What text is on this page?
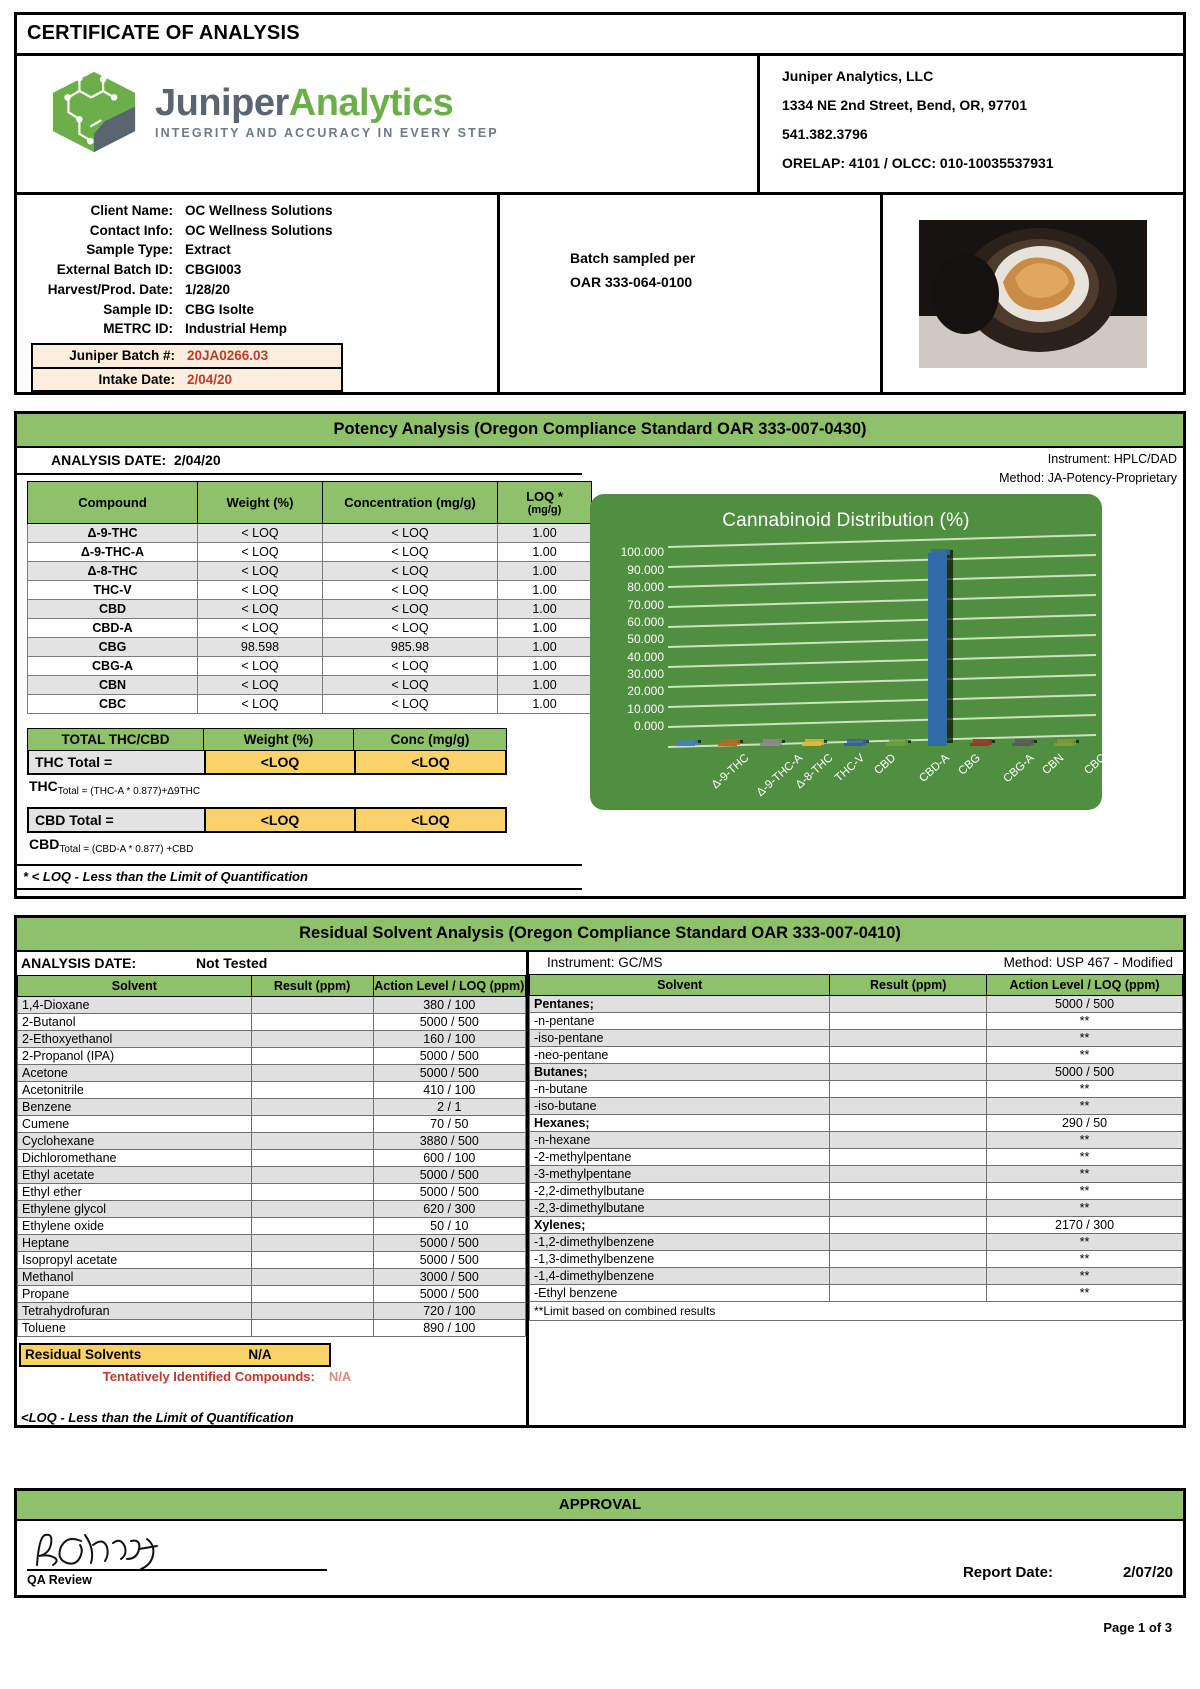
CERTIFICATE OF ANALYSIS
JuniperAnalytics
INTEGRITY AND ACCURACY IN EVERY STEP
Juniper Analytics, LLC
1334 NE 2nd Street, Bend, OR, 97701
541.382.3796
ORELAP: 4101 / OLCC: 010-10035537931
Client Name: OC Wellness Solutions
Contact Info: OC Wellness Solutions
Sample Type: Extract
External Batch ID: CBGI003
Harvest/Prod. Date: 1/28/20
Sample ID: CBG Isolte
METRC ID: Industrial Hemp
Juniper Batch #: 20JA0266.03
Intake Date: 2/04/20
Batch sampled per
OAR 333-064-0100
Potency Analysis (Oregon Compliance Standard OAR 333-007-0430)
ANALYSIS DATE: 2/04/20
Compound	Weight (%)	Concentration (mg/g)	LOQ *
(mg/g)

Δ-9-THC	< LOQ	< LOQ	1.00
Δ-9-THC-A	< LOQ	< LOQ	1.00
Δ-8-THC	< LOQ	< LOQ	1.00
THC-V	< LOQ	< LOQ	1.00
CBD	< LOQ	< LOQ	1.00
CBD-A	< LOQ	< LOQ	1.00
CBG	98.598	985.98	1.00
CBG-A	< LOQ	< LOQ	1.00
CBN	< LOQ	< LOQ	1.00
CBC	< LOQ	< LOQ	1.00
TOTAL THC/CBD	Weight (%)	Conc (mg/g)
THC Total =	<LOQ	<LOQ
$THC_{Total = (THC-A * 0.877)+\Delta 9THC}$
CBD Total =	<LOQ	<LOQ
$CBD_{Total = (CBD-A * 0.877) +CBD}$
* < LOQ - Less than the Limit of Quantification
Instrument: HPLC/DAD
Method: JA-Potency-Proprietary
Cannabinoid Distribution (%)
100.000
90.000
80.000
70.000
60.000
50.000
40.000
30.000
20.000
10.000
0.000
Δ-9-THC Δ-9-THC-A
Δ-8-THC
THC-V CBD CBD-A CBG CBG-A CBN CBC
Residual Solvent Analysis (Oregon Compliance Standard OAR 333-007-0410)
ANALYSIS DATE:	Not Tested
Solvent	Result (ppm)	Action Level / LOQ (ppm)
1,4-Dioxane		380 / 100
2-Butanol		5000 / 500
2-Ethoxyethanol		160 / 100
2-Propanol (IPA)		5000 / 500
Acetone		5000 / 500
Acetonitrile		410 / 100
Benzene		2 / 1
Cumene		70 / 50
Cyclohexane		3880 / 500
Dichloromethane		600 / 100
Ethyl acetate		5000 / 500
Ethyl ether		5000 / 500
Ethylene glycol		620 / 300
Ethylene oxide		50 / 10
Heptane		5000 / 500
Isopropyl acetate		5000 / 500
Methanol		3000 / 500
Propane		5000 / 500
Tetrahydrofuran		720 / 100
Toluene		890 / 100
Residual Solvents	N/A
Tentatively Identified Compounds: N/A
<LOQ - Less than the Limit of Quantification
Instrument: GC/MS	Method: USP 467 - Modified
Solvent	Result (ppm)	Action Level / LOQ (ppm)
Pentanes;		5000 / 500
-n-pentane		**
-iso-pentane		**
-neo-pentane		**
Butanes;		5000 / 500
-n-butane		**
-iso-butane		**
Hexanes;		290 / 50
-n-hexane		**
-2-methylpentane		**
-3-methylpentane		**
-2,2-dimethylbutane		**
-2,3-dimethylbutane		**
Xylenes;		2170 / 300
-1,2-dimethylbenzene		**
-1,3-dimethylbenzene		**
-1,4-dimethylbenzene		**
-Ethyl benzene		**
**Limit based on combined results
APPROVAL
QA Review	Report Date:	2/07/20
Page 1 of 3
